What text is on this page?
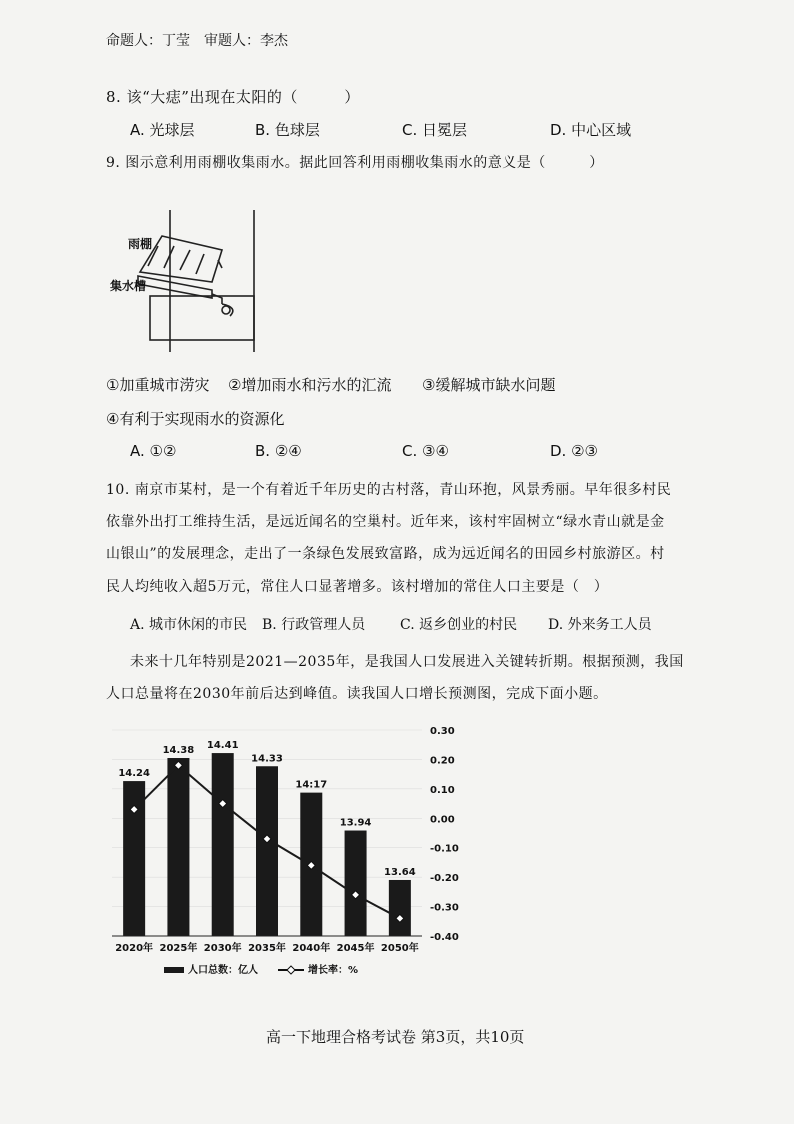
命题人：丁莹　审题人：李杰
8. 该“大痣”出现在太阳的（　　　）
A. 光球层	B. 色球层	C. 日冕层	D. 中心区域
9. 图示意利用雨棚收集雨水。据此回答利用雨棚收集雨水的意义是（　　　）
雨棚
集水槽
①加重城市涝灾 ②增加雨水和污水的汇流 ③缓解城市缺水问题
④有利于实现雨水的资源化
A. ①②	B. ②④	C. ③④	D. ②③
10. 南京市某村，是一个有着近千年历史的古村落，青山环抱，风景秀丽。早年很多村民
依靠外出打工维持生活，是远近闻名的空巢村。近年来，该村牢固树立“绿水青山就是金
山银山”的发展理念，走出了一条绿色发展致富路，成为远近闻名的田园乡村旅游区。村
民人均纯收入超5万元，常住人口显著增多。该村增加的常住人口主要是（　）
A. 城市休闲的市民 B. 行政管理人员 C. 返乡创业的村民 D. 外来务工人员
未来十几年特别是2021—2035年，是我国人口发展进入关键转折期。根据预测，我国
人口总量将在2030年前后达到峰值。读我国人口增长预测图，完成下面小题。
14.24
14.38 14.41
14.33
14:17
13.94
13.64
0.30
0.20
0.10
0.00
-0.10
-0.20
-0.30
-0.40
2020年 2025年 2030年 2035年 2040年 2045年 2050年
人口总数：亿人	增长率：%
高一下地理合格考试卷 第3页，共10页
